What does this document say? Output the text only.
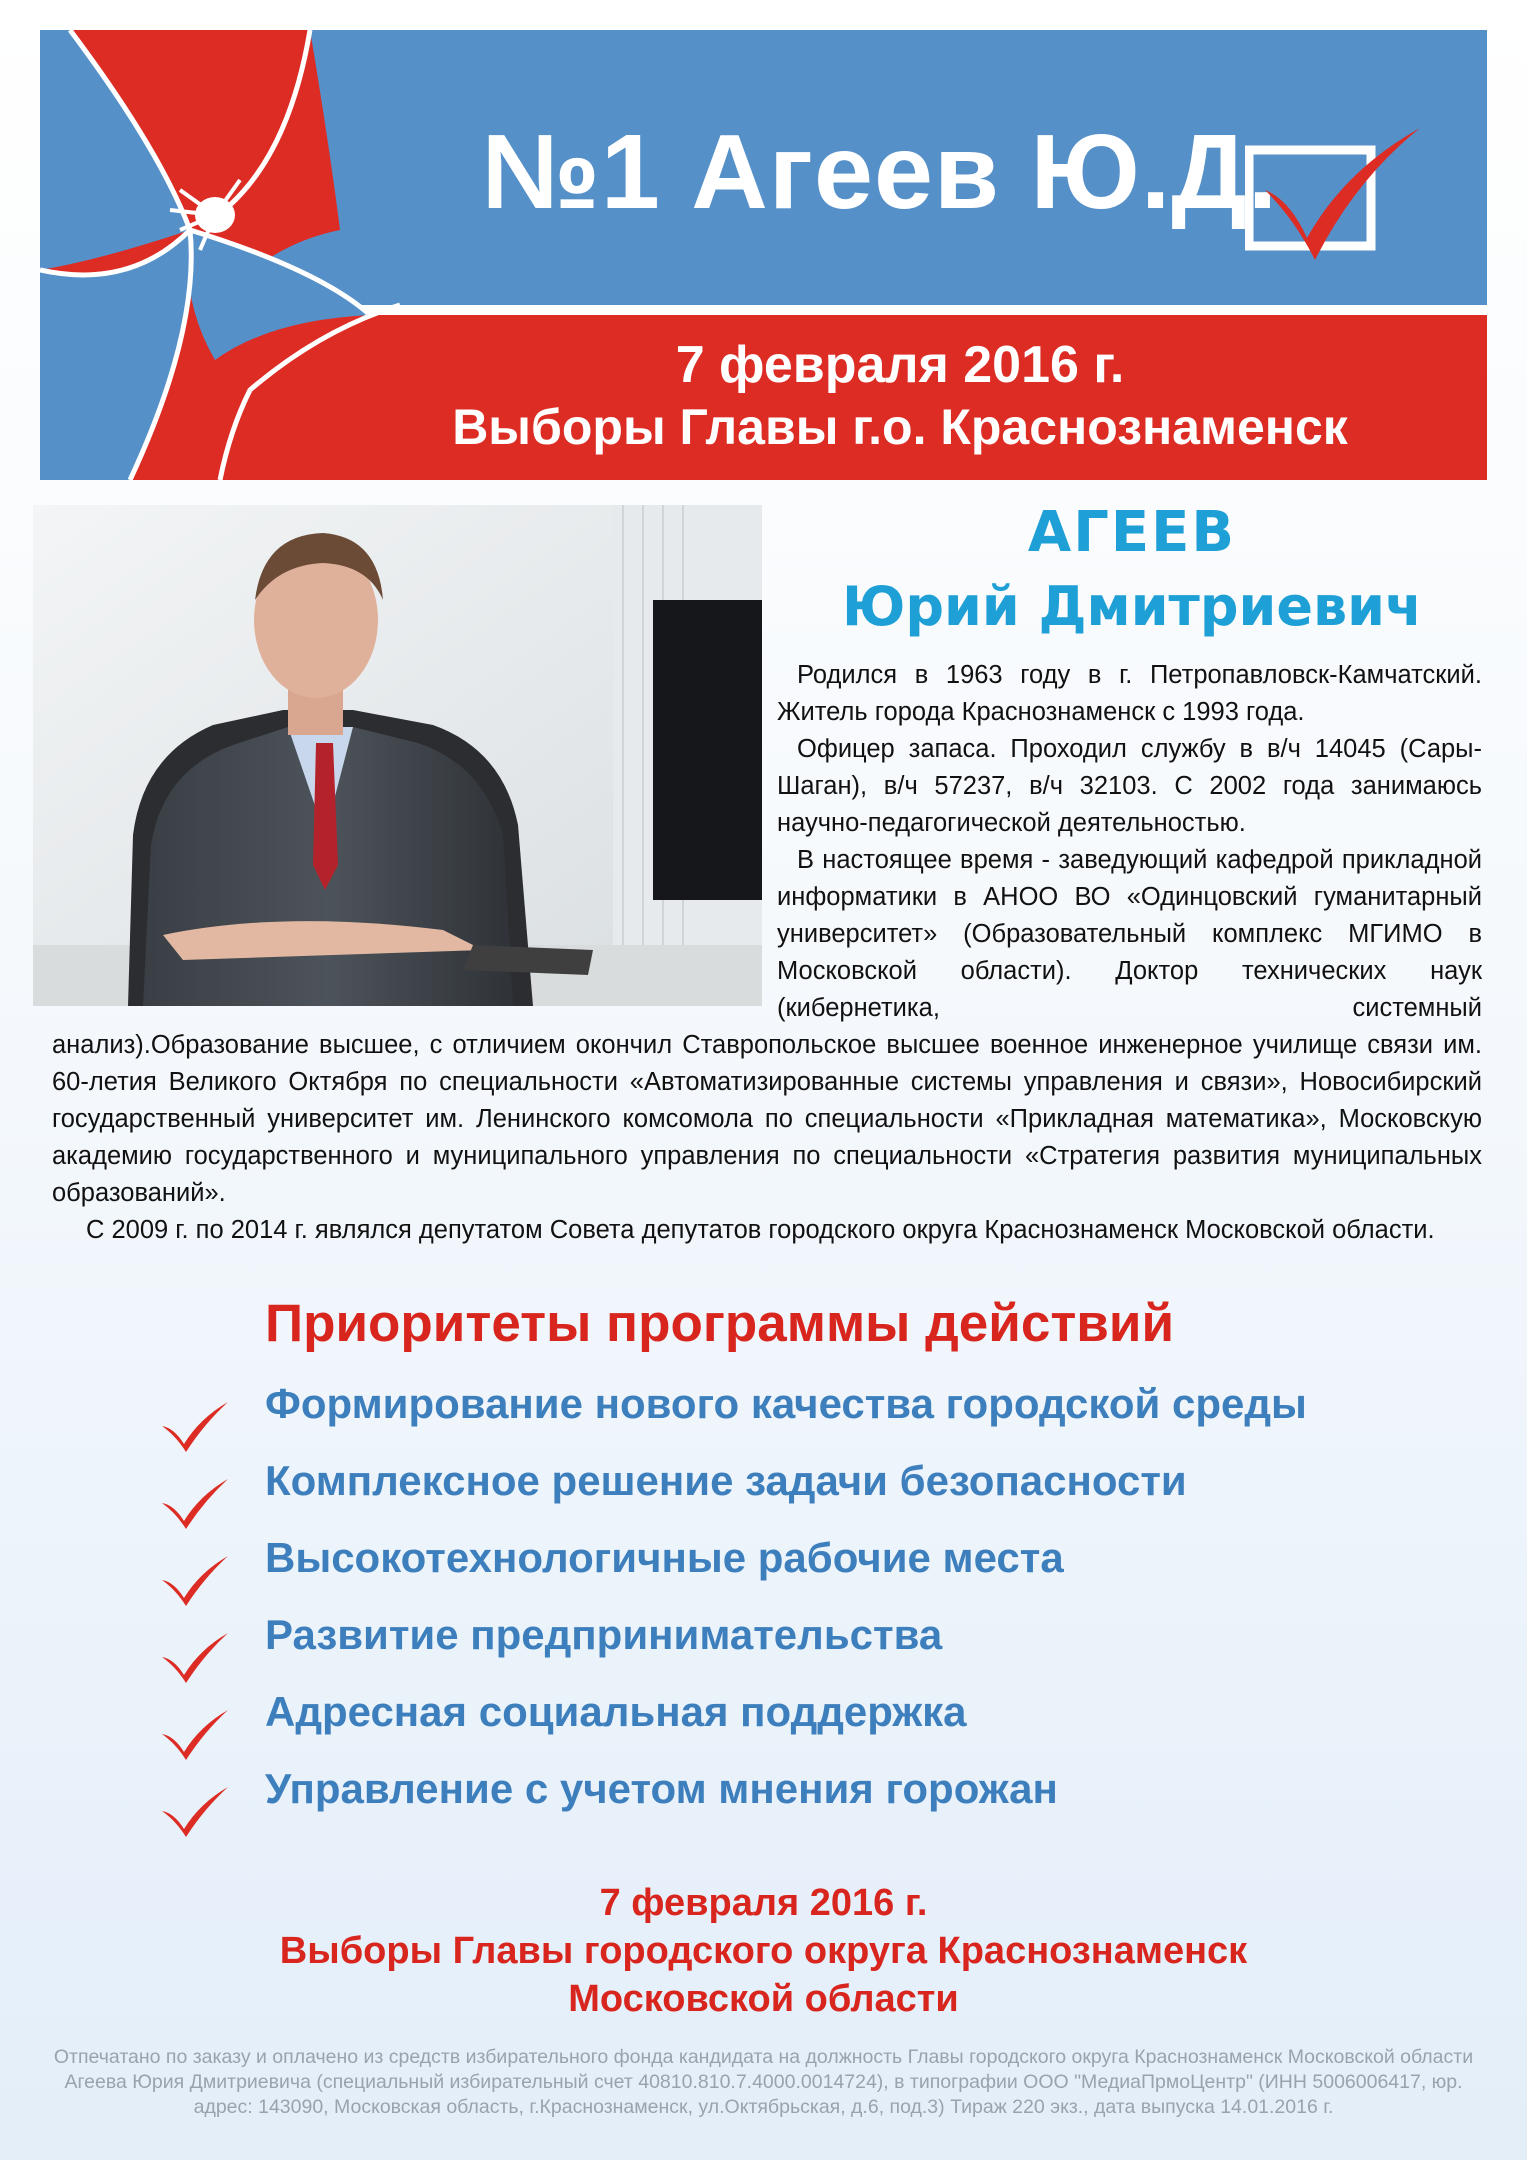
№1 Агеев Ю.Д.
7 февраля 2016 г.
Выборы Главы г.о. Краснознаменск
АГЕЕВ
Юрий Дмитриевич

Родился в 1963 году в г. Петропавловск-Камчатский. Житель города Краснознаменск с 1993 года.

Офицер запаса. Проходил службу в в/ч 14045 (Сары-Шаган), в/ч 57237, в/ч 32103. С 2002 года занимаюсь научно-педагогической деятельностью.

В настоящее время - заведующий кафедрой прикладной информатики в АНОО ВО «Одинцовский гуманитарный университет» (Образовательный комплекс МГИМО в Московской области). Доктор технических наук (кибернетика, системный

анализ).Образование высшее, с отличием окончил Ставропольское высшее военное инженерное училище связи им. 60-летия Великого Октября по специальности «Автоматизированные системы управления и связи», Новосибирский государственный университет им. Ленинского комсомола по специальности «Прикладная математика», Московскую академию государственного и муниципального управления по специальности «Стратегия развития муниципальных образований».

С 2009 г. по 2014 г. являлся депутатом Совета депутатов городского округа Краснознаменск Московской области.

Приоритеты программы действий
Формирование нового качества городской среды
Комплексное решение задачи безопасности
Высокотехнологичные рабочие места
Развитие предпринимательства
Адресная социальная поддержка
Управление с учетом мнения горожан
7 февраля 2016 г.
Выборы Главы городского округа Краснознаменск
Московской области
Отпечатано по заказу и оплачено из средств избирательного фонда кандидата на должность Главы городского округа Краснознаменск Московской области Агеева Юрия Дмитриевича (специальный избирательный счет 40810.810.7.4000.0014724), в типографии ООО "МедиаПрмоЦентр" (ИНН 5006006417, юр. адрес: 143090, Московская область, г.Краснознаменск, ул.Октябрьская, д.6, под.3) Тираж 220 экз., дата выпуска 14.01.2016 г.
